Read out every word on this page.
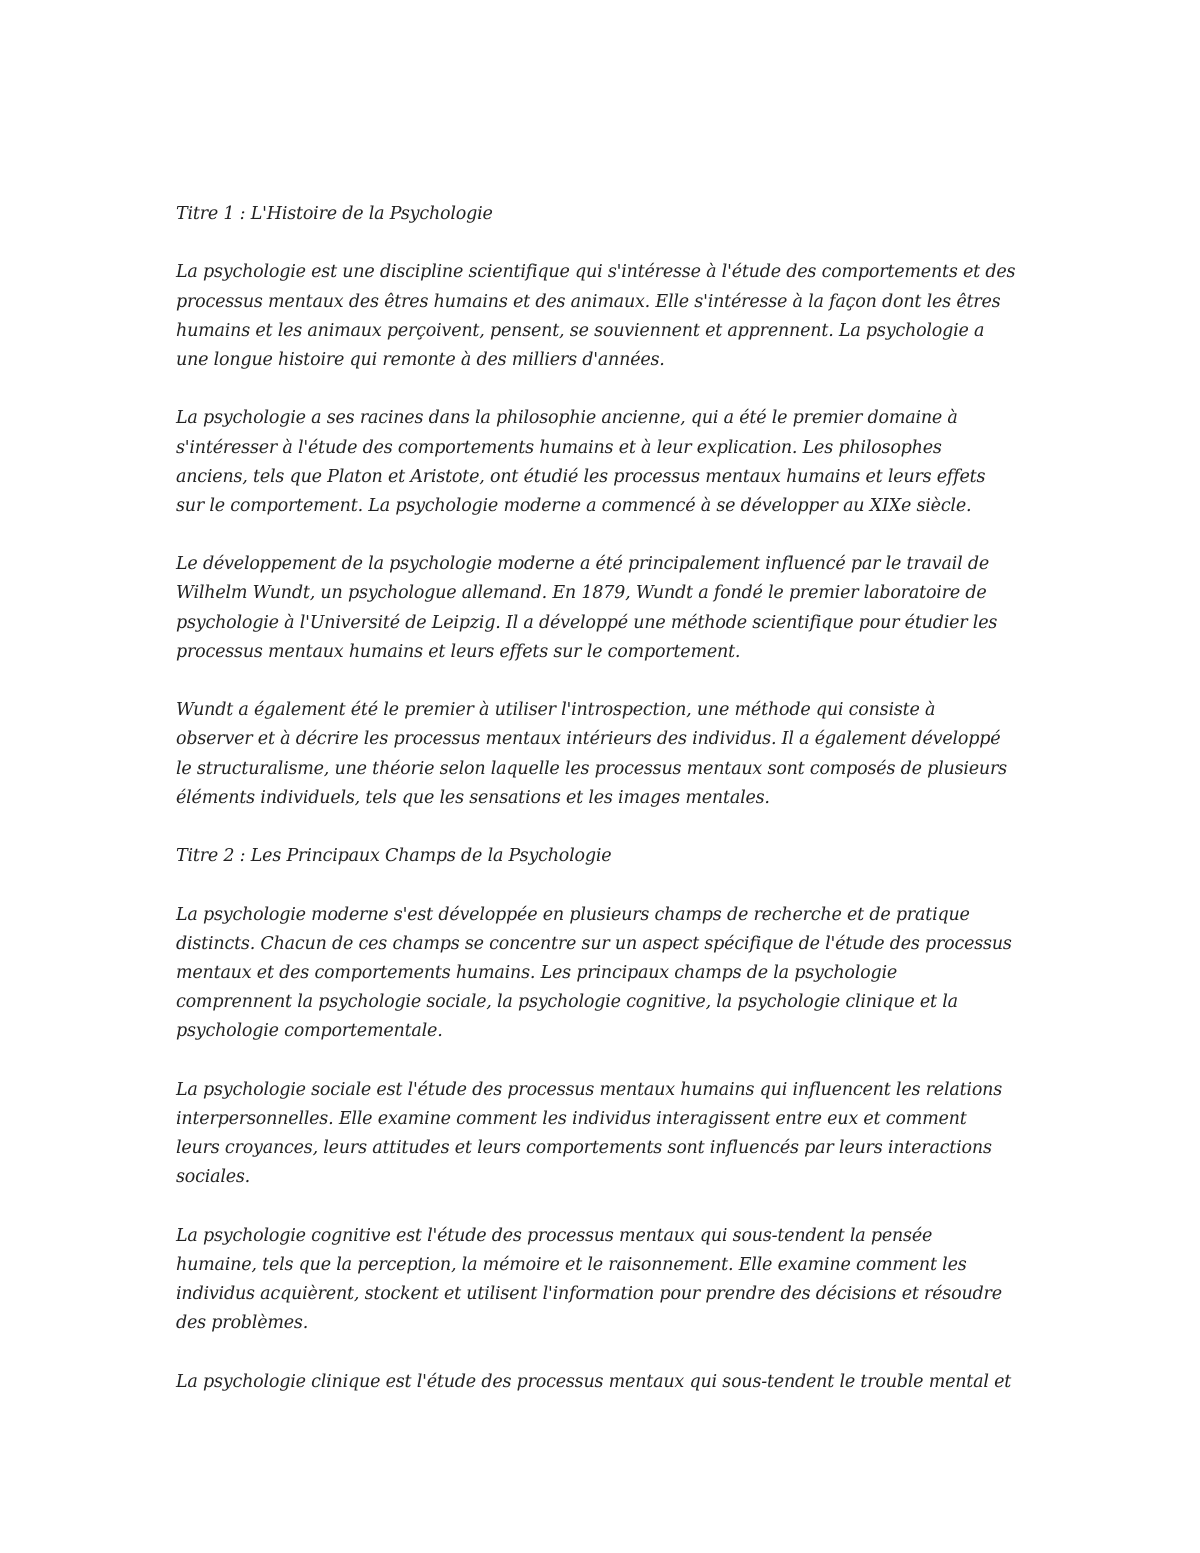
Titre 1 : L'Histoire de la Psychologie
La psychologie est une discipline scientifique qui s'intéresse à l'étude des comportements et des
processus mentaux des êtres humains et des animaux. Elle s'intéresse à la façon dont les êtres
humains et les animaux perçoivent, pensent, se souviennent et apprennent. La psychologie a
une longue histoire qui remonte à des milliers d'années.
La psychologie a ses racines dans la philosophie ancienne, qui a été le premier domaine à
s'intéresser à l'étude des comportements humains et à leur explication. Les philosophes
anciens, tels que Platon et Aristote, ont étudié les processus mentaux humains et leurs effets
sur le comportement. La psychologie moderne a commencé à se développer au XIXe siècle.
Le développement de la psychologie moderne a été principalement influencé par le travail de
Wilhelm Wundt, un psychologue allemand. En 1879, Wundt a fondé le premier laboratoire de
psychologie à l'Université de Leipzig. Il a développé une méthode scientifique pour étudier les
processus mentaux humains et leurs effets sur le comportement.
Wundt a également été le premier à utiliser l'introspection, une méthode qui consiste à
observer et à décrire les processus mentaux intérieurs des individus. Il a également développé
le structuralisme, une théorie selon laquelle les processus mentaux sont composés de plusieurs
éléments individuels, tels que les sensations et les images mentales.
Titre 2 : Les Principaux Champs de la Psychologie
La psychologie moderne s'est développée en plusieurs champs de recherche et de pratique
distincts. Chacun de ces champs se concentre sur un aspect spécifique de l'étude des processus
mentaux et des comportements humains. Les principaux champs de la psychologie
comprennent la psychologie sociale, la psychologie cognitive, la psychologie clinique et la
psychologie comportementale.
La psychologie sociale est l'étude des processus mentaux humains qui influencent les relations
interpersonnelles. Elle examine comment les individus interagissent entre eux et comment
leurs croyances, leurs attitudes et leurs comportements sont influencés par leurs interactions
sociales.
La psychologie cognitive est l'étude des processus mentaux qui sous-tendent la pensée
humaine, tels que la perception, la mémoire et le raisonnement. Elle examine comment les
individus acquièrent, stockent et utilisent l'information pour prendre des décisions et résoudre
des problèmes.
La psychologie clinique est l'étude des processus mentaux qui sous-tendent le trouble mental et
